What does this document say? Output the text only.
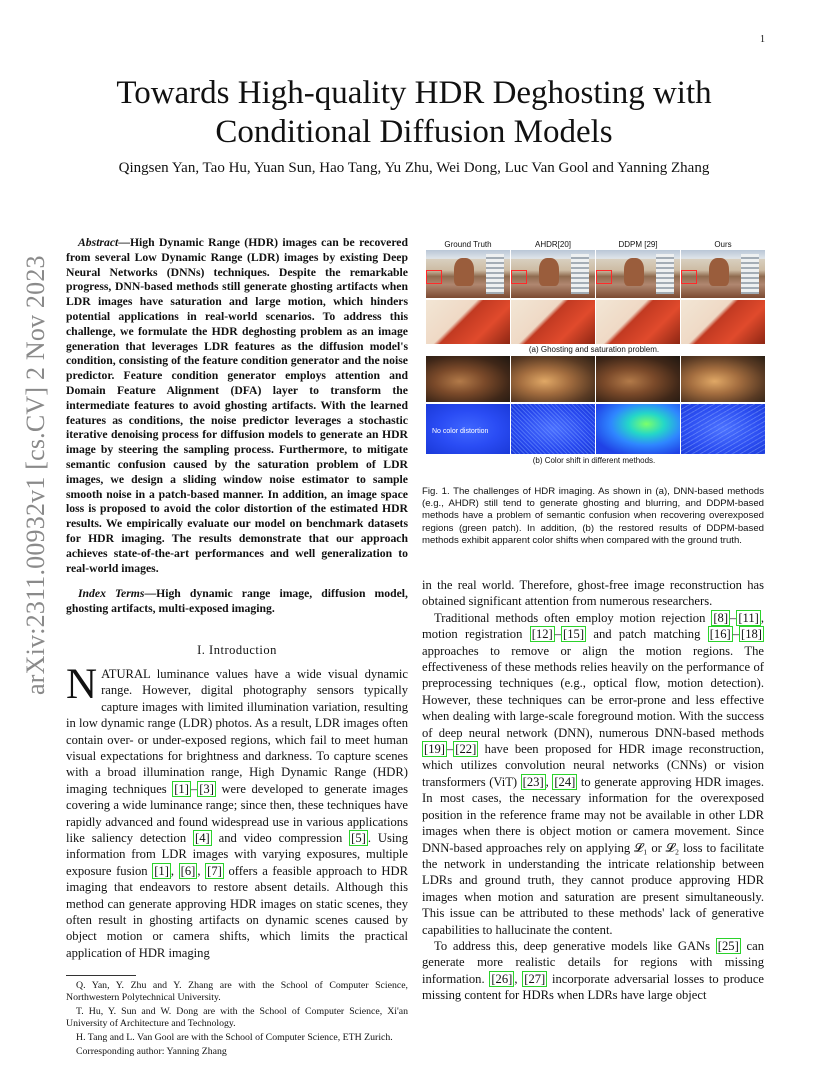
1
arXiv:2311.00932v1 [cs.CV] 2 Nov 2023
Towards High-quality HDR Deghosting with
Conditional Diffusion Models
Qingsen Yan, Tao Hu, Yuan Sun, Hao Tang, Yu Zhu, Wei Dong, Luc Van Gool and Yanning Zhang

Abstract—High Dynamic Range (HDR) images can be recovered from several Low Dynamic Range (LDR) images by existing Deep Neural Networks (DNNs) techniques. Despite the remarkable progress, DNN-based methods still generate ghosting artifacts when LDR images have saturation and large motion, which hinders potential applications in real-world scenarios. To address this challenge, we formulate the HDR deghosting problem as an image generation that leverages LDR features as the diffusion model's condition, consisting of the feature condition generator and the noise predictor. Feature condition generator employs attention and Domain Feature Alignment (DFA) layer to transform the intermediate features to avoid ghosting artifacts. With the learned features as conditions, the noise predictor leverages a stochastic iterative denoising process for diffusion models to generate an HDR image by steering the sampling process. Furthermore, to mitigate semantic confusion caused by the saturation problem of LDR images, we design a sliding window noise estimator to sample smooth noise in a patch-based manner. In addition, an image space loss is proposed to avoid the color distortion of the estimated HDR results. We empirically evaluate our model on benchmark datasets for HDR imaging. The results demonstrate that our approach achieves state-of-the-art performances and well generalization to real-world images.

Index Terms—High dynamic range image, diffusion model, ghosting artifacts, multi-exposed imaging.
I. Introduction
NATURAL luminance values have a wide visual dynamic range. However, digital photography sensors typically capture images with limited illumination variation, resulting in low dynamic range (LDR) photos. As a result, LDR images often contain over- or under-exposed regions, which fail to meet human visual expectations for brightness and darkness. To capture scenes with a broad illumination range, High Dynamic Range (HDR) imaging techniques [1] – [3] were developed to generate images covering a wide luminance range; since then, these techniques have rapidly advanced and found widespread use in various applications like saliency detection [4] and video compression [5] . Using information from LDR images with varying exposures, multiple exposure fusion [1] , [6] , [7] offers a feasible approach to HDR imaging that endeavors to restore absent details. Although this method can generate approving HDR images on static scenes, they often result in ghosting artifacts on dynamic scenes caused by object motion or camera shifts, which limits the practical application of HDR imaging

Q. Yan, Y. Zhu and Y. Zhang are with the School of Computer Science, Northwestern Polytechnical University.

T. Hu, Y. Sun and W. Dong are with the School of Computer Science, Xi'an University of Architecture and Technology.

H. Tang and L. Van Gool are with the School of Computer Science, ETH Zurich.

Corresponding author: Yanning Zhang

Ground Truth	AHDR[20]	DDPM [29]	Ours
(a) Ghosting and saturation problem.
No color distortion
(b) Color shift in different methods.
Fig. 1. The challenges of HDR imaging. As shown in (a), DNN-based methods (e.g., AHDR) still tend to generate ghosting and blurring, and DDPM-based methods have a problem of semantic confusion when recovering overexposed regions (green patch). In addition, (b) the restored results of DDPM-based methods exhibit apparent color shifts when compared with the ground truth.

in the real world. Therefore, ghost-free image reconstruction has obtained significant attention from numerous researchers.

Traditional methods often employ motion rejection [8] – [11] , motion registration [12] – [15] and patch matching [16] – [18] approaches to remove or align the motion regions. The effectiveness of these methods relies heavily on the performance of preprocessing techniques (e.g., optical flow, motion detection). However, these techniques can be error-prone and less effective when dealing with large-scale foreground motion. With the success of deep neural network (DNN), numerous DNN-based methods [19] – [22] have been proposed for HDR image reconstruction, which utilizes convolution neural networks (CNNs) or vision transformers (ViT) [23] , [24] to generate approving HDR images. In most cases, the necessary information for the overexposed position in the reference frame may not be available in other LDR images when there is object motion or camera movement. Since DNN-based approaches rely on applying 𝓛₁ or 𝓛₂ loss to facilitate the network in understanding the intricate relationship between LDRs and ground truth, they cannot produce approving HDR images when motion and saturation are present simultaneously. This issue can be attributed to these methods' lack of generative capabilities to hallucinate the content.

To address this, deep generative models like GANs [25] can generate more realistic details for regions with missing information. [26] , [27] incorporate adversarial losses to produce missing content for HDRs when LDRs have large object
